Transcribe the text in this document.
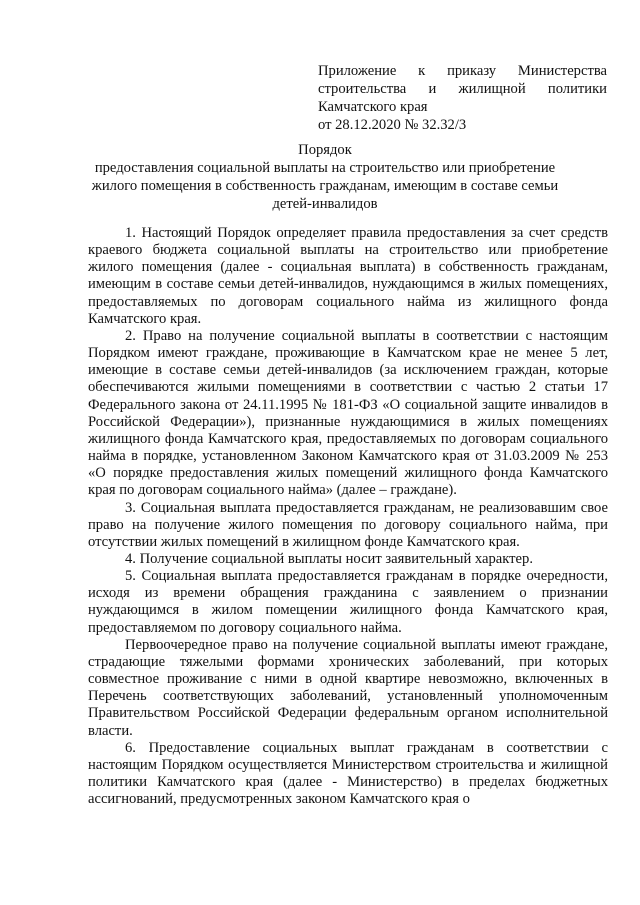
Приложение к приказу Министерства
строительства и жилищной политики
Камчатского края
от 28.12.2020 № 32.32/3
Порядок
предоставления социальной выплаты на строительство или приобретение
жилого помещения в собственность гражданам, имеющим в составе семьи
детей-инвалидов

1. Настоящий Порядок определяет правила предоставления за счет средств краевого бюджета социальной выплаты на строительство или приобретение жилого помещения (далее - социальная выплата) в собственность гражданам, имеющим в составе семьи детей-инвалидов, нуждающимся в жилых помещениях, предоставляемых по договорам социального найма из жилищного фонда Камчатского края.

2. Право на получение социальной выплаты в соответствии с настоящим Порядком имеют граждане, проживающие в Камчатском крае не менее 5 лет, имеющие в составе семьи детей-инвалидов (за исключением граждан, которые обеспечиваются жилыми помещениями в соответствии с частью 2 статьи 17 Федерального закона от 24.11.1995 № 181-ФЗ «О социальной защите инвалидов в Российской Федерации»), признанные нуждающимися в жилых помещениях жилищного фонда Камчатского края, предоставляемых по договорам социального найма в порядке, установленном Законом Камчатского края от 31.03.2009 № 253 «О порядке предоставления жилых помещений жилищного фонда Камчатского края по договорам социального найма» (далее – граждане).

3. Социальная выплата предоставляется гражданам, не реализовавшим свое право на получение жилого помещения по договору социального найма, при отсутствии жилых помещений в жилищном фонде Камчатского края.

4. Получение социальной выплаты носит заявительный характер.

5. Социальная выплата предоставляется гражданам в порядке очередности, исходя из времени обращения гражданина с заявлением о признании нуждающимся в жилом помещении жилищного фонда Камчатского края, предоставляемом по договору социального найма.

Первоочередное право на получение социальной выплаты имеют граждане, страдающие тяжелыми формами хронических заболеваний, при которых совместное проживание с ними в одной квартире невозможно, включенных в Перечень соответствующих заболеваний, установленный уполномоченным Правительством Российской Федерации федеральным органом исполнительной власти.

6. Предоставление социальных выплат гражданам в соответствии с настоящим Порядком осуществляется Министерством строительства и жилищной политики Камчатского края (далее - Министерство) в пределах бюджетных ассигнований, предусмотренных законом Камчатского края о
